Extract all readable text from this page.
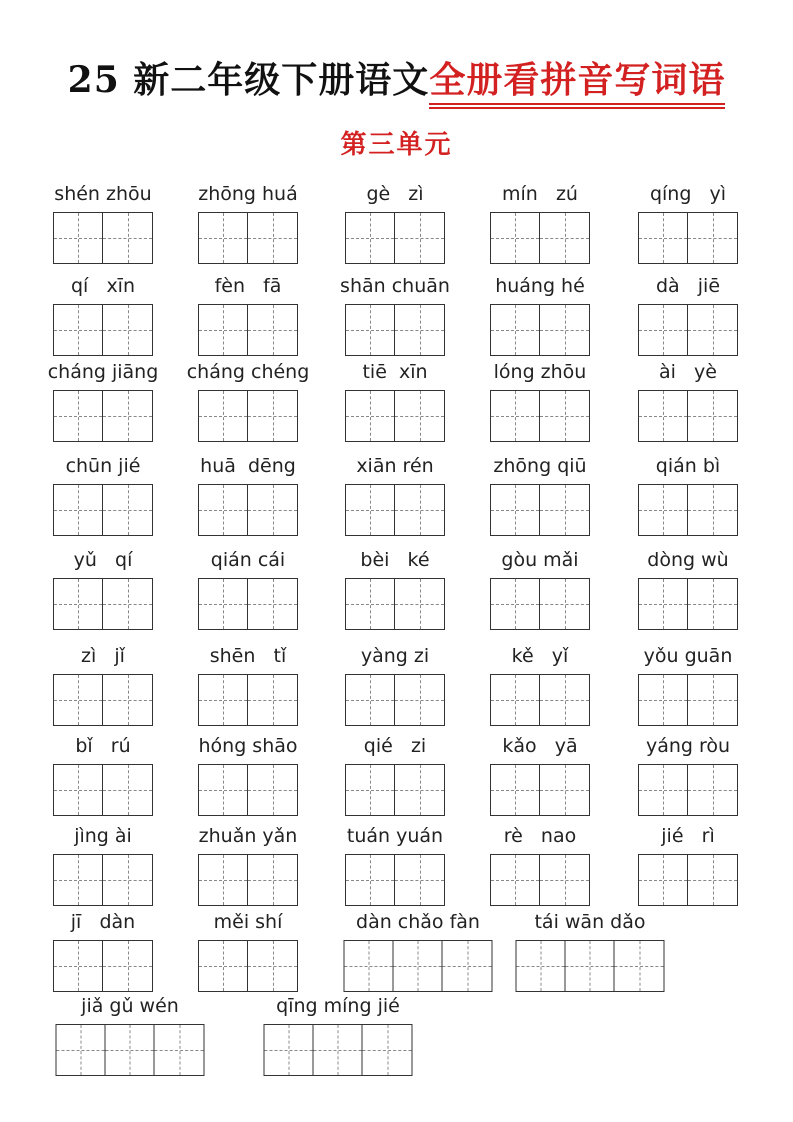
25 新二年级下册语文全册看拼音写词语
第三单元
shén zhōu	zhōng huá	gè   zì	mín   zú	qíng   yì
qí   xīn	fèn   fā	shān chuān	huáng hé	dà   jiē
cháng jiāng	cháng chéng	tiē  xīn	lóng zhōu	ài   yè
chūn jié	huā  dēng	xiān rén	zhōng qiū	qián bì
yǔ   qí	qián cái	bèi   ké	gòu mǎi	dòng wù
zì   jǐ	shēn   tǐ	yàng zi	kě   yǐ	yǒu guān
bǐ   rú	hóng shāo	qié   zi	kǎo   yā	yáng ròu
jìng ài	zhuǎn yǎn	tuán yuán	rè   nao	jié   rì
jī   dàn	měi shí	dàn chǎo fàn	tái wān dǎo
jiǎ gǔ wén	qīng míng jié
